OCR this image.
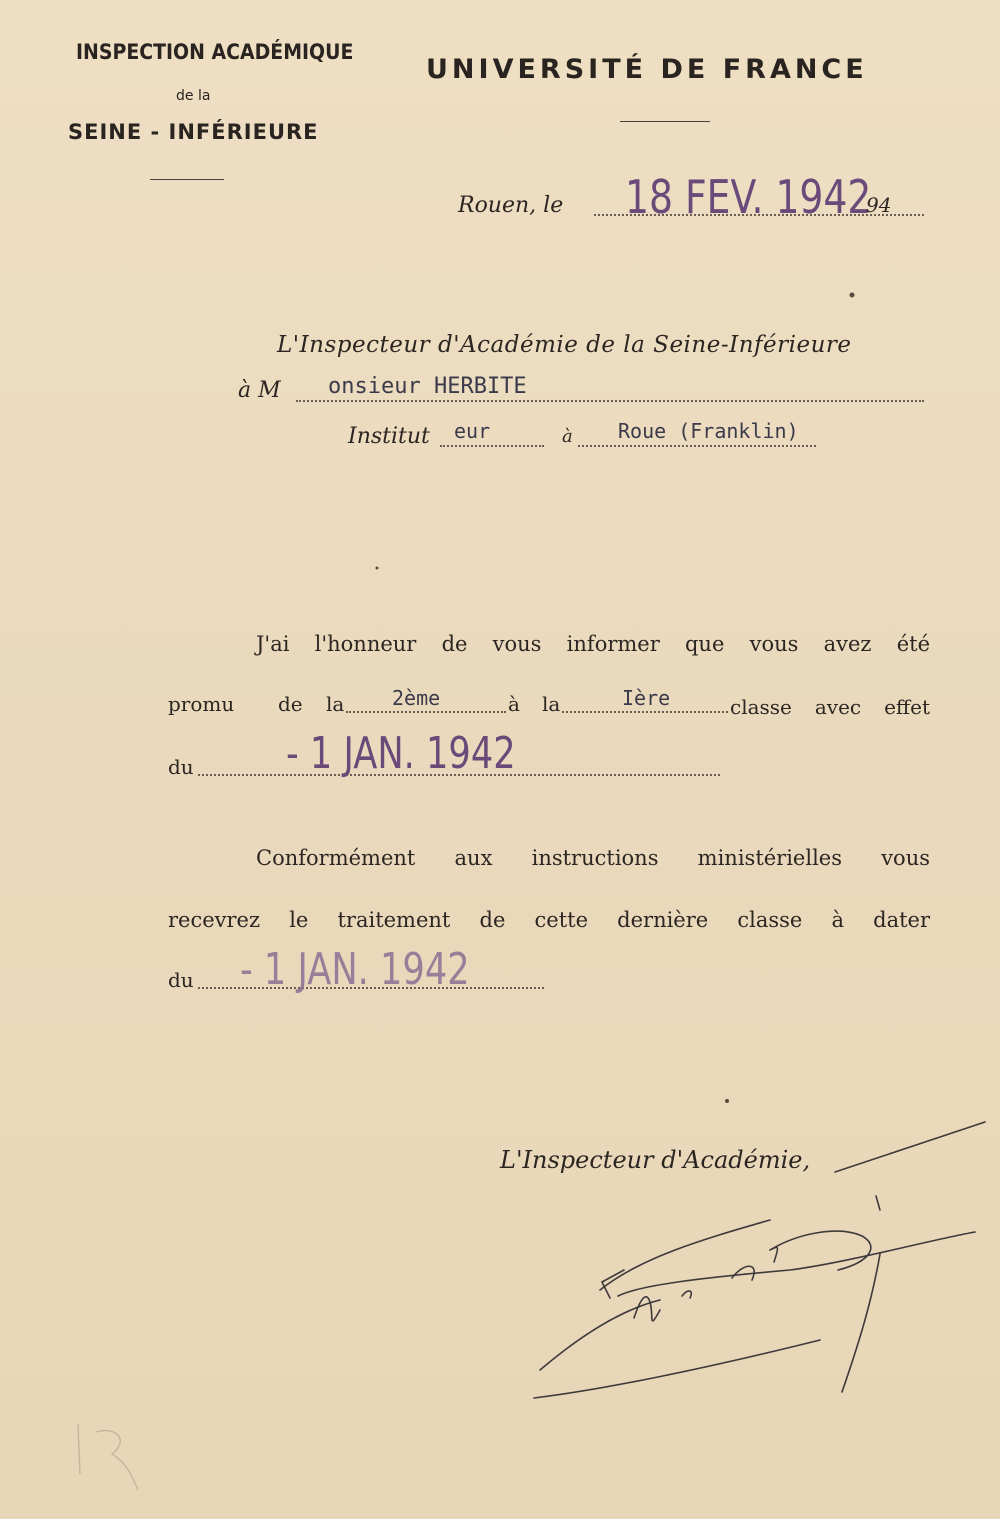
INSPECTION ACADÉMIQUE
de la
SEINE - INFÉRIEURE
UNIVERSITÉ DE FRANCE
Rouen, le 18 FEV. 1942
94
L'Inspecteur d'Académie de la Seine-Inférieure
à M onsieur HERBITE
Institut eur	à Roue (Franklin)
J'ai l'honneur de vous informer que vous avez été
promu de la 2ème	à la	Ière	classe avec effet
du - 1 JAN. 1942
Conformément aux instructions ministérielles vous
recevrez le traitement de cette dernière classe à dater
du - 1 JAN. 1942
L'Inspecteur d'Académie,
